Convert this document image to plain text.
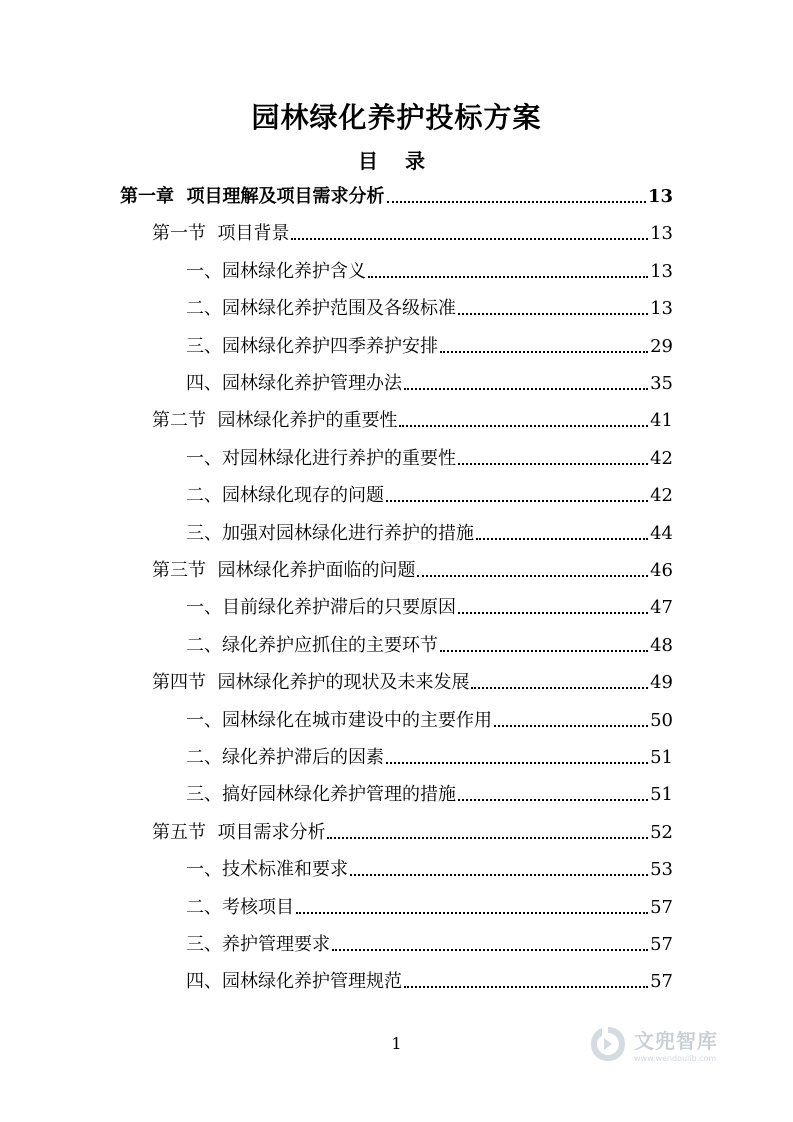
园林绿化养护投标方案
目 录
第一章 项目理解及项目需求分析	13
第一节 项目背景	13
一、 园林绿化养护含义	13
二、 园林绿化养护范围及各级标准	13
三、 园林绿化养护四季养护安排	29
四、 园林绿化养护管理办法	35
第二节 园林绿化养护的重要性	41
一、 对园林绿化进行养护的重要性	42
二、 园林绿化现存的问题	42
三、 加强对园林绿化进行养护的措施	44
第三节 园林绿化养护面临的问题	46
一、 目前绿化养护滞后的只要原因	47
二、 绿化养护应抓住的主要环节	48
第四节 园林绿化养护的现状及未来发展	49
一、 园林绿化在城市建设中的主要作用	50
二、 绿化养护滞后的因素	51
三、 搞好园林绿化养护管理的措施	51
第五节 项目需求分析	52
一、 技术标准和要求	53
二、 考核项目	57
三、 养护管理要求	57
四、 园林绿化养护管理规范	57
1	文兜智库
www.wendoulib.com
